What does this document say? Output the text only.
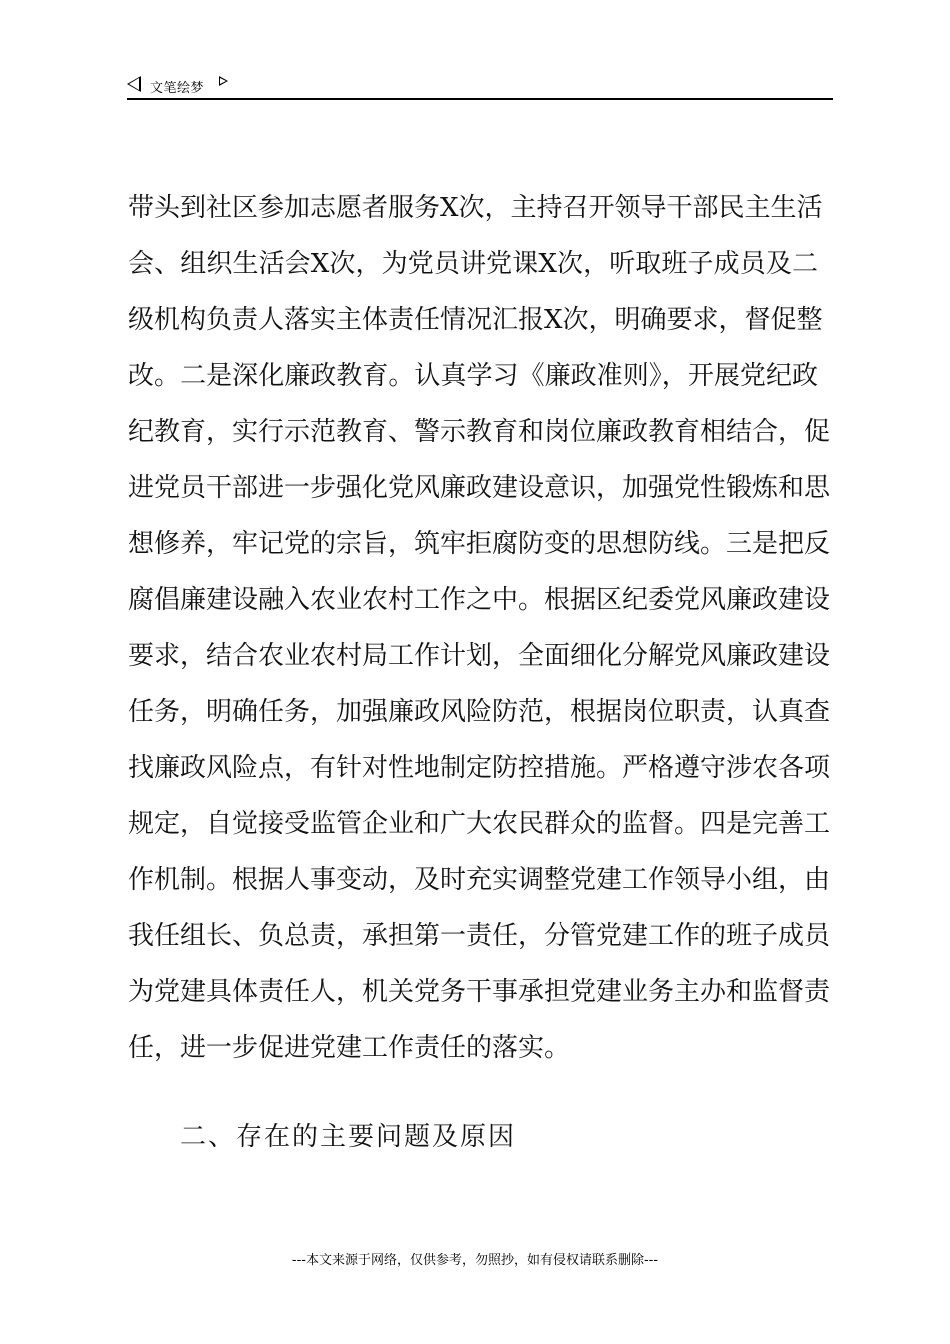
文笔绘梦
带头到社区参加志愿者服务X次，主持召开领导干部民主生活
会、组织生活会X次，为党员讲党课X次，听取班子成员及二
级机构负责人落实主体责任情况汇报X次，明确要求，督促整
改。二是深化廉政教育。认真学习《廉政准则》，开展党纪政
纪教育，实行示范教育、警示教育和岗位廉政教育相结合，促
进党员干部进一步强化党风廉政建设意识，加强党性锻炼和思
想修养，牢记党的宗旨，筑牢拒腐防变的思想防线。三是把反
腐倡廉建设融入农业农村工作之中。根据区纪委党风廉政建设
要求，结合农业农村局工作计划，全面细化分解党风廉政建设
任务，明确任务，加强廉政风险防范，根据岗位职责，认真查
找廉政风险点，有针对性地制定防控措施。严格遵守涉农各项
规定，自觉接受监管企业和广大农民群众的监督。四是完善工
作机制。根据人事变动，及时充实调整党建工作领导小组，由
我任组长、负总责，承担第一责任，分管党建工作的班子成员
为党建具体责任人，机关党务干事承担党建业务主办和监督责
任，进一步促进党建工作责任的落实。
二、存在的主要问题及原因
---本文来源于网络，仅供参考，勿照抄，如有侵权请联系删除---
